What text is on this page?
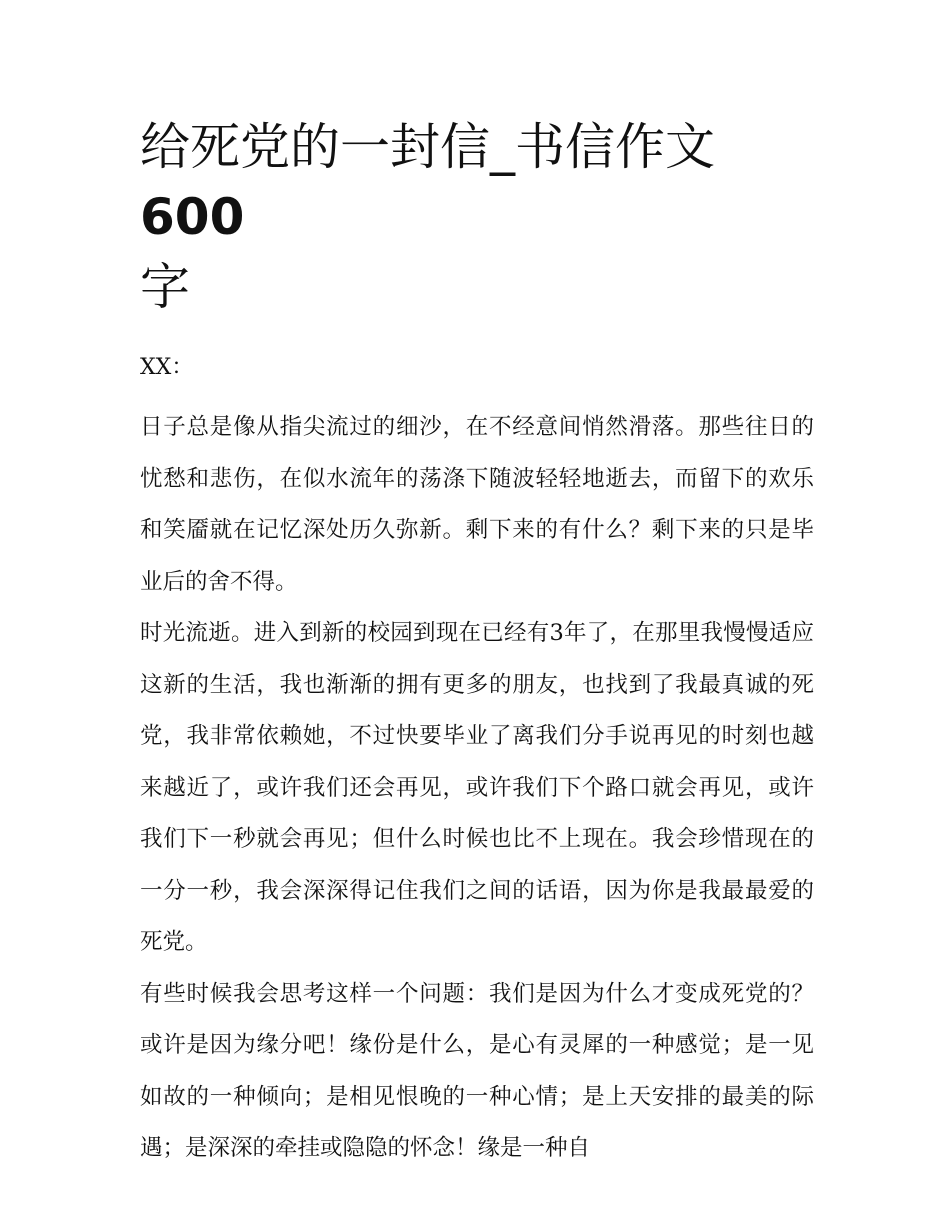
给死党的一封信_书信作文600
字

XX：

日子总是像从指尖流过的细沙，在不经意间悄然滑落。那些往日的忧愁和悲伤，在似水流年的荡涤下随波轻轻地逝去，而留下的欢乐和笑靥就在记忆深处历久弥新。剩下来的有什么？剩下来的只是毕业后的舍不得。

时光流逝。进入到新的校园到现在已经有3年了，在那里我慢慢适应这新的生活，我也渐渐的拥有更多的朋友，也找到了我最真诚的死党，我非常依赖她，不过快要毕业了离我们分手说再见的时刻也越来越近了，或许我们还会再见，或许我们下个路口就会再见，或许我们下一秒就会再见；但什么时候也比不上现在。我会珍惜现在的一分一秒，我会深深得记住我们之间的话语，因为你是我最最爱的死党。

有些时候我会思考这样一个问题：我们是因为什么才变成死党的？或许是因为缘分吧！缘份是什么，是心有灵犀的一种感觉；是一见如故的一种倾向；是相见恨晚的一种心情；是上天安排的最美的际遇；是深深的牵挂或隐隐的怀念！缘是一种自
